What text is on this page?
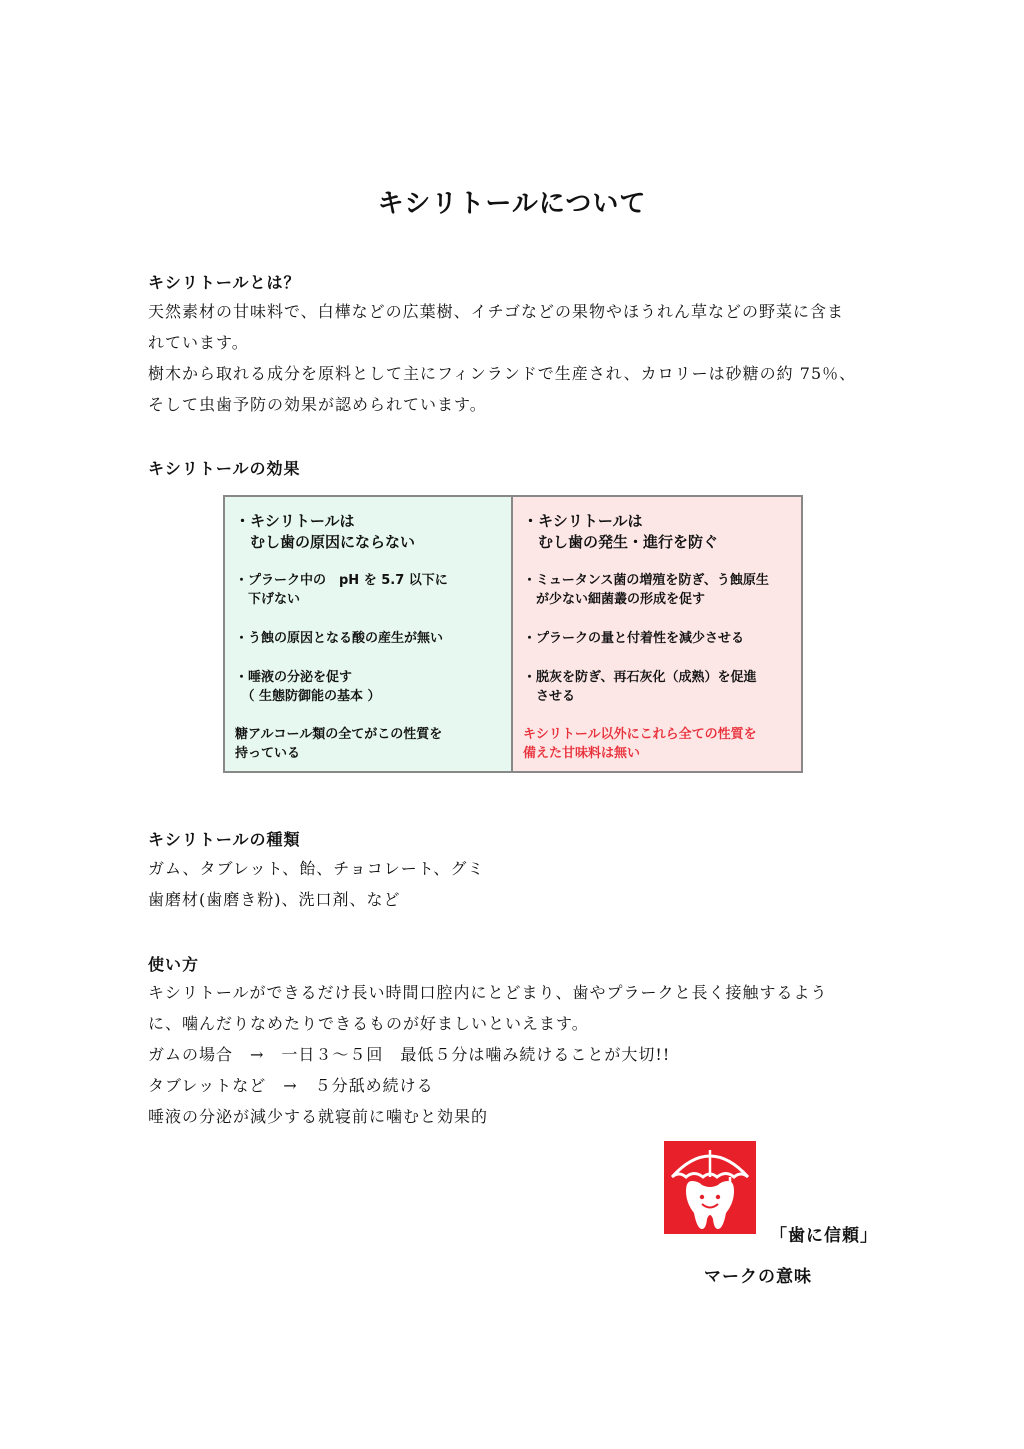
キシリトールについて
キシリトールとは？
天然素材の甘味料で、白樺などの広葉樹、イチゴなどの果物やほうれん草などの野菜に含ま
れています。
樹木から取れる成分を原料として主にフィンランドで生産され、カロリーは砂糖の約 75％、
そして虫歯予防の効果が認められています。
キシリトールの効果
・キシリトールは
　むし歯の原因にならない
・プラーク中の　pH を 5.7 以下に
　下げない
・う蝕の原因となる酸の産生が無い
・唾液の分泌を促す
　（ 生態防御能の基本 ）
糖アルコール類の全てがこの性質を
持っている
・キシリトールは
　むし歯の発生・進行を防ぐ
・ミュータンス菌の増殖を防ぎ、う蝕原生
　が少ない細菌叢の形成を促す
・プラークの量と付着性を減少させる
・脱灰を防ぎ、再石灰化（成熟）を促進
　させる
キシリトール以外にこれら全ての性質を
備えた甘味料は無い
キシリトールの種類
ガム、タブレット、飴、チョコレート、グミ
歯磨材(歯磨き粉)、洗口剤、など
使い方
キシリトールができるだけ長い時間口腔内にとどまり、歯やプラークと長く接触するよう
に、噛んだりなめたりできるものが好ましいといえます。
ガムの場合　→　一日３～５回　最低５分は噛み続けることが大切!!
タブレットなど　→　５分舐め続ける
唾液の分泌が減少する就寝前に噛むと効果的
「歯に信頼」
マークの意味
